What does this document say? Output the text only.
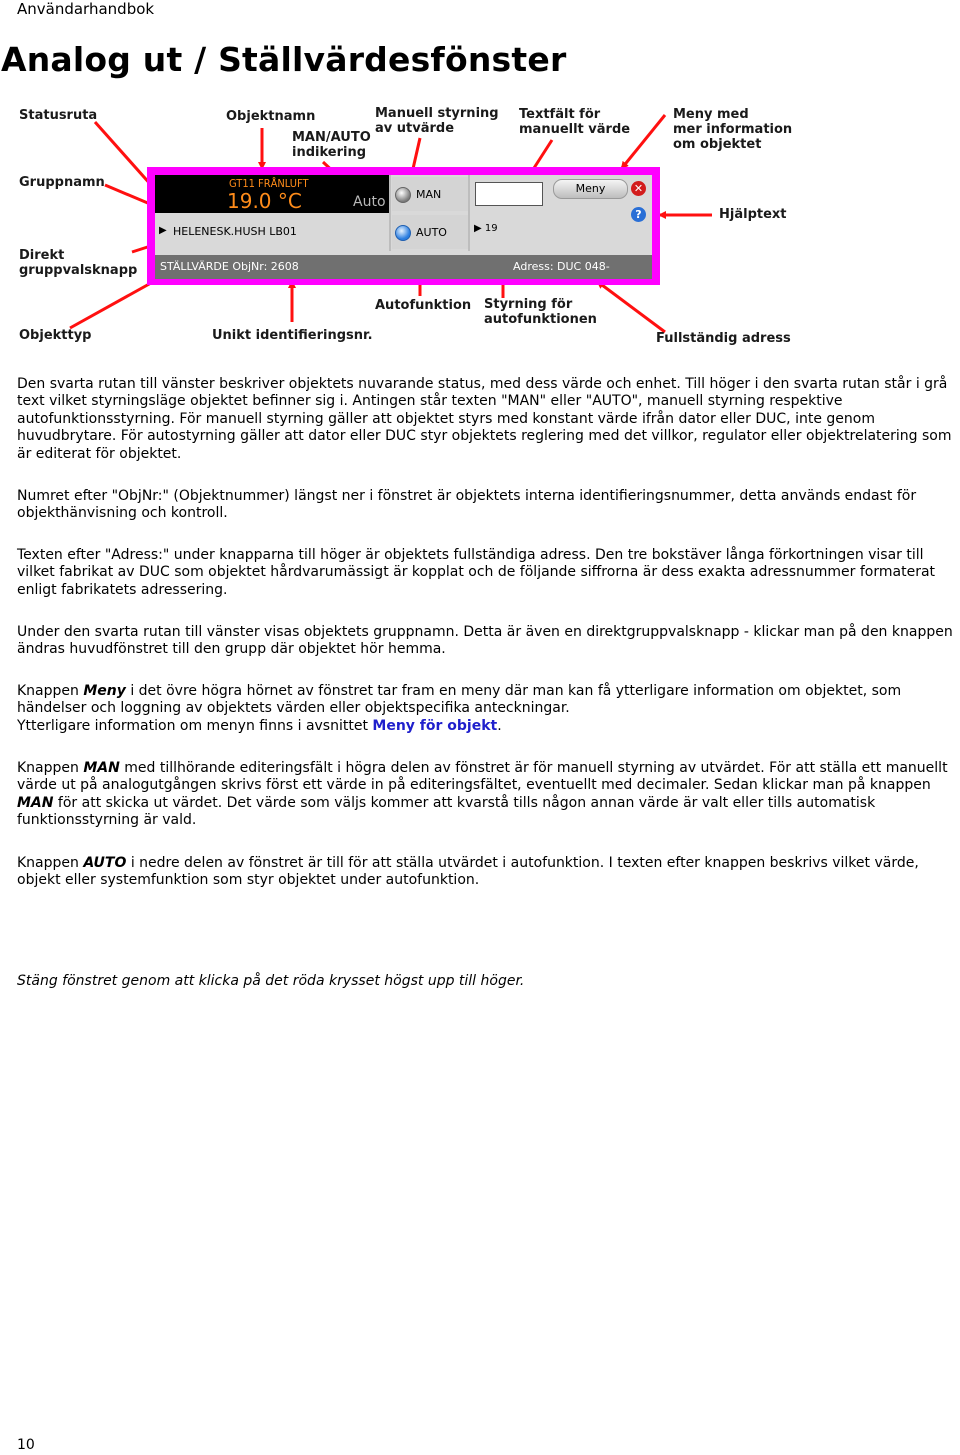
Användarhandbok
Analog ut / Ställvärdesfönster
Statusruta	Objektnamn
MAN/AUTO
indikering
Manuell styrning
av utvärde
Textfält för
manuellt värde
Meny med
mer information
om objektet
Gruppnamn
Hjälptext
Direkt
gruppvalsknapp
Objekttyp	Unikt identifieringsnr.
Autofunktion Styrning för
autofunktionen
Fullständig adress
GT11 FRÅNLUFT
19.0 °C	Auto
▶ HELENESK.HUSH LB01
MAN
AUTO	▶ 19
Meny	✕
?
STÄLLVÄRDE ObjNr: 2608	Adress: DUC 048-

Den svarta rutan till vänster beskriver objektets nuvarande status, med dess värde och enhet. Till höger i den svarta rutan står i grå text vilket styrningsläge objektet befinner sig i. Antingen står texten "MAN" eller "AUTO", manuell styrning respektive autofunktionsstyrning. För manuell styrning gäller att objektet styrs med konstant värde ifrån dator eller DUC, inte genom huvudbrytare. För autostyrning gäller att dator eller DUC styr objektets reglering med det villkor, regulator eller objektrelatering som är editerat för objektet.

Numret efter "ObjNr:" (Objektnummer) längst ner i fönstret är objektets interna identifieringsnummer, detta används endast för objekthänvisning och kontroll.

Texten efter "Adress:" under knapparna till höger är objektets fullständiga adress. Den tre bokstäver långa förkortningen visar till vilket fabrikat av DUC som objektet hårdvarumässigt är kopplat och de följande siffrorna är dess exakta adressnummer formaterat enligt fabrikatets adressering.

Under den svarta rutan till vänster visas objektets gruppnamn. Detta är även en direktgruppvalsknapp - klickar man på den knappen ändras huvudfönstret till den grupp där objektet hör hemma.

Knappen Meny i det övre högra hörnet av fönstret tar fram en meny där man kan få ytterligare information om objektet, som händelser och loggning av objektets värden eller objektspecifika anteckningar.
Ytterligare information om menyn finns i avsnittet Meny för objekt.

Knappen MAN med tillhörande editeringsfält i högra delen av fönstret är för manuell styrning av utvärdet. För att ställa ett manuellt värde ut på analogutgången skrivs först ett värde in på editeringsfältet, eventuellt med decimaler. Sedan klickar man på knappen MAN för att skicka ut värdet. Det värde som väljs kommer att kvarstå tills någon annan värde är valt eller tills automatisk funktionsstyrning är vald.

Knappen AUTO i nedre delen av fönstret är till för att ställa utvärdet i autofunktion. I texten efter knappen beskrivs vilket värde, objekt eller systemfunktion som styr objektet under autofunktion.

Stäng fönstret genom att klicka på det röda krysset högst upp till höger.

10
